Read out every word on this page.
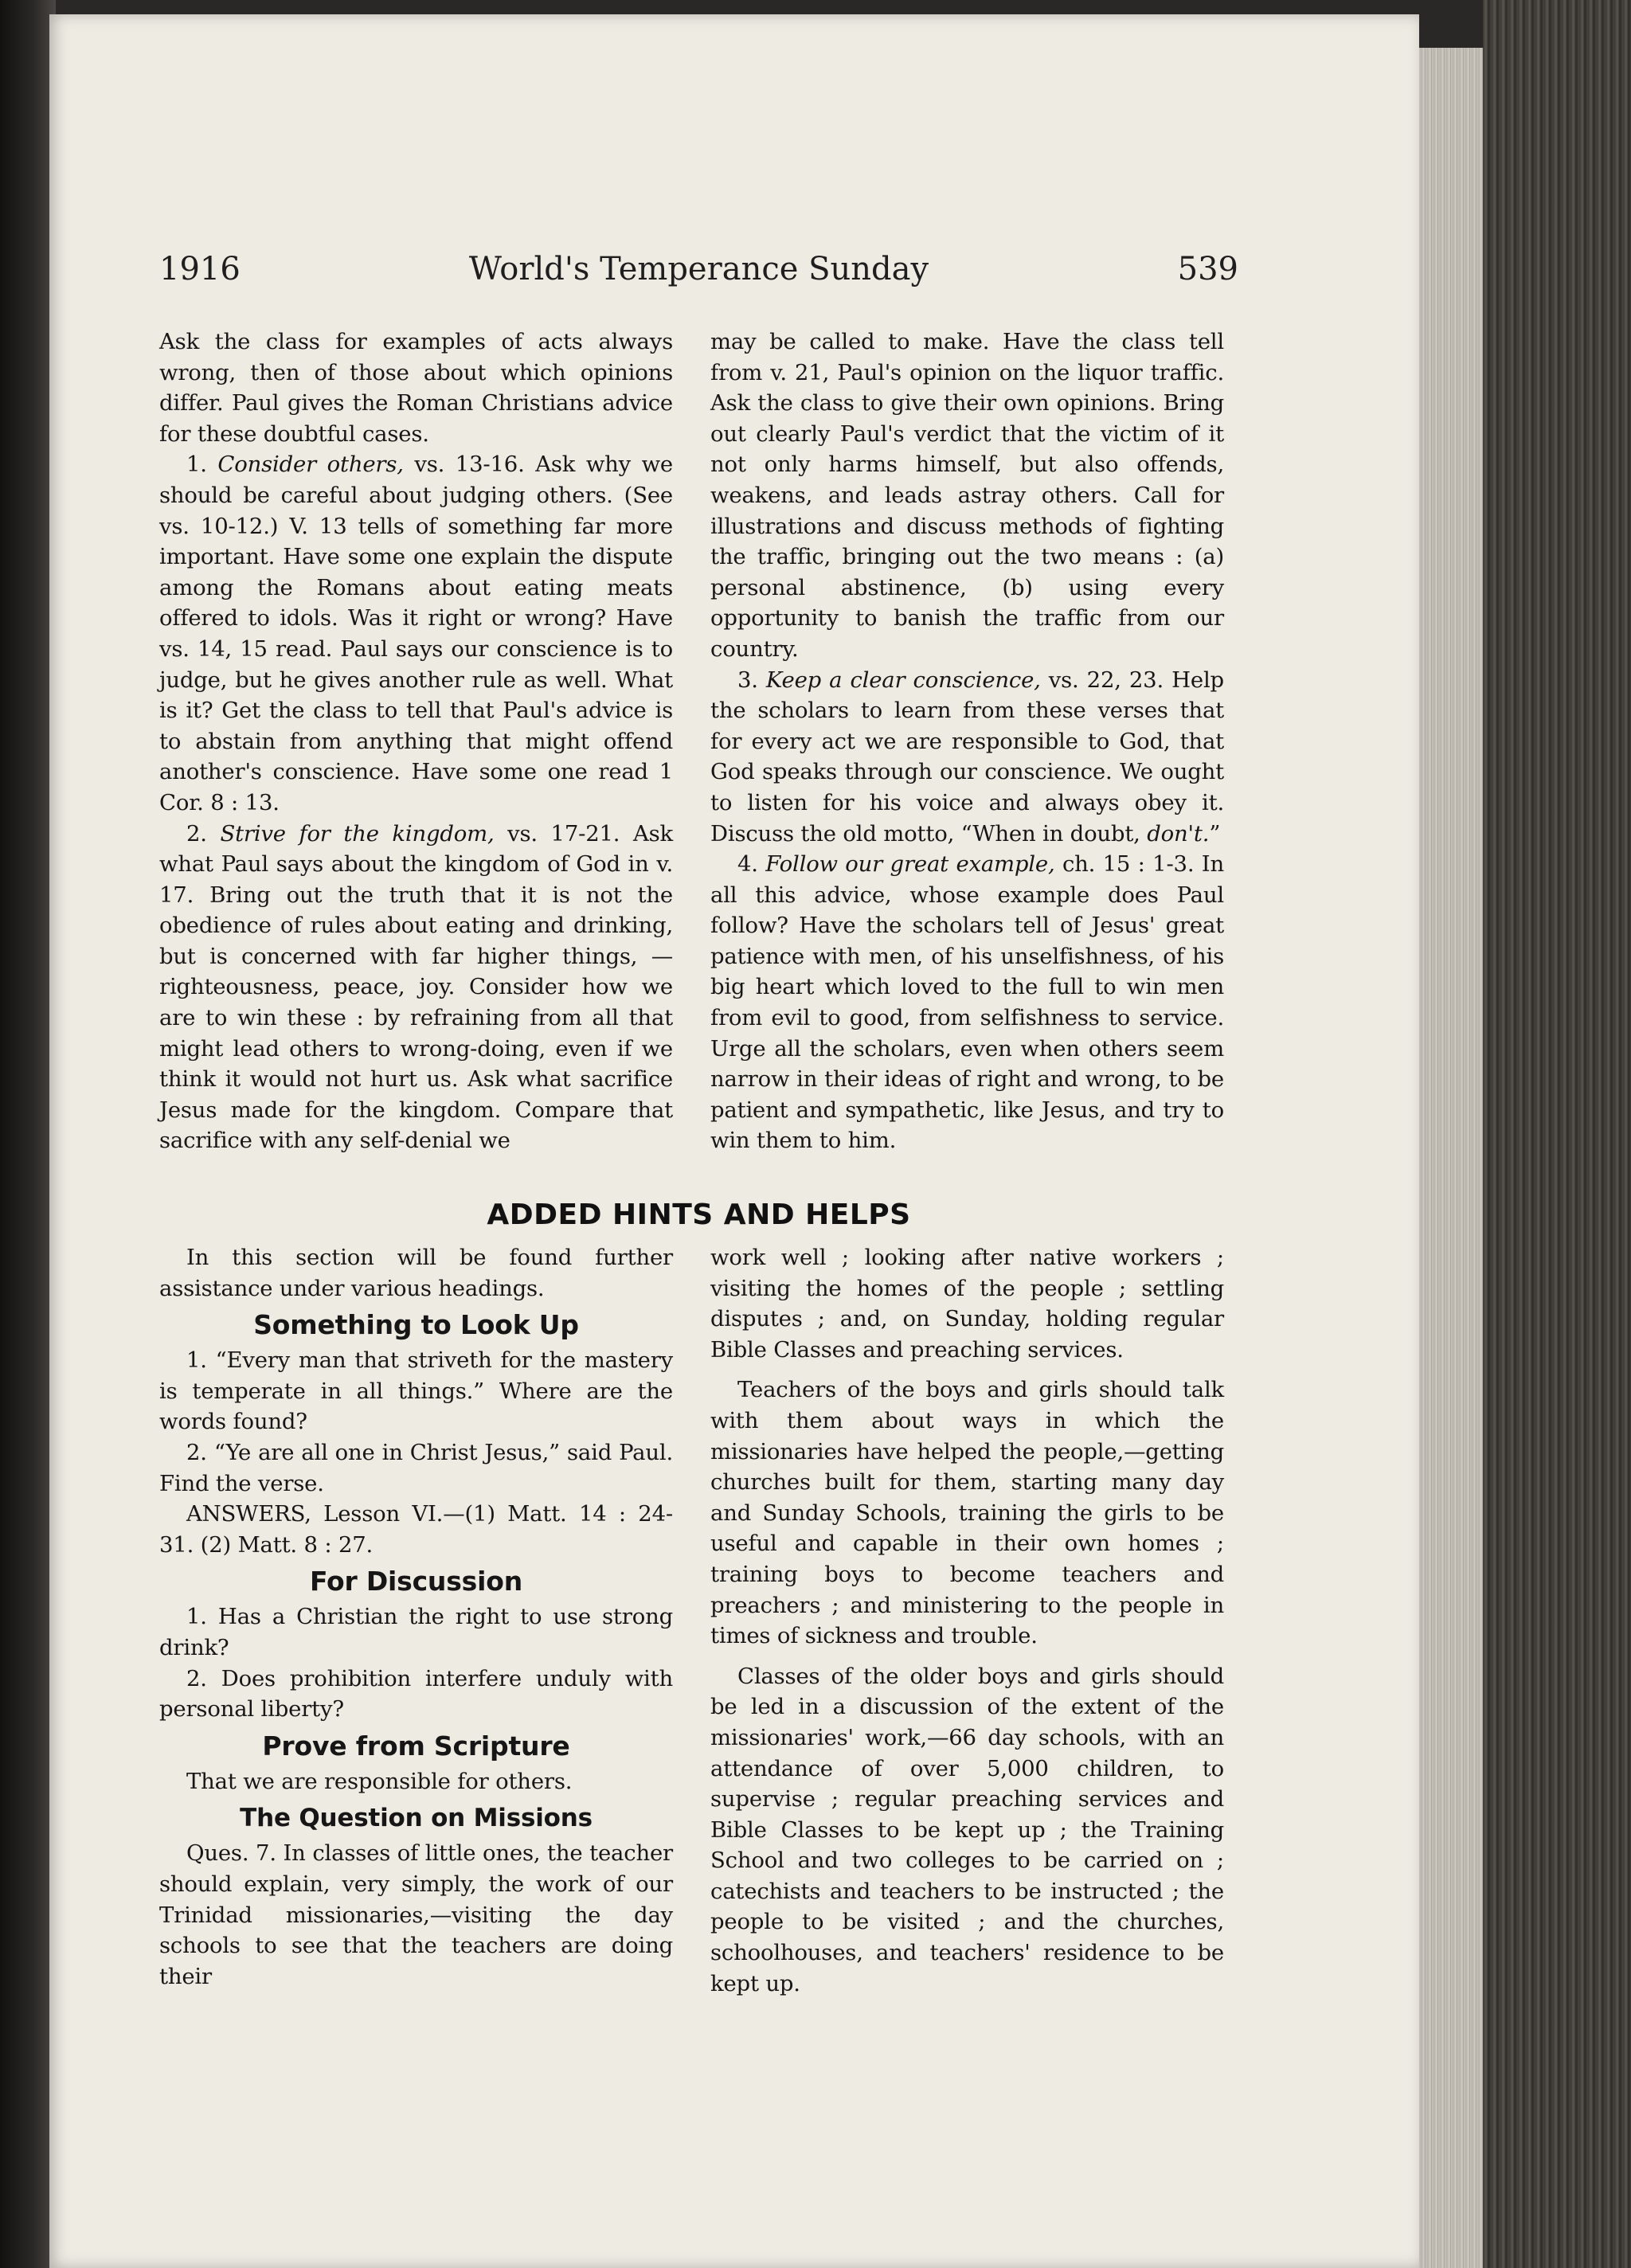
1916	World's Temperance Sunday	539

Ask the class for examples of acts always wrong, then of those about which opinions differ. Paul gives the Roman Christians advice for these doubtful cases.

1. Consider others, vs. 13-16. Ask why we should be careful about judging others. (See vs. 10-12.) V. 13 tells of something far more important. Have some one explain the dispute among the Romans about eating meats offered to idols. Was it right or wrong? Have vs. 14, 15 read. Paul says our conscience is to judge, but he gives another rule as well. What is it? Get the class to tell that Paul's advice is to abstain from anything that might offend another's conscience. Have some one read 1 Cor. 8 : 13.

2. Strive for the kingdom, vs. 17-21. Ask what Paul says about the kingdom of God in v. 17. Bring out the truth that it is not the obedience of rules about eating and drinking, but is concerned with far higher things, —righteousness, peace, joy. Consider how we are to win these : by refraining from all that might lead others to wrong-doing, even if we think it would not hurt us. Ask what sacrifice Jesus made for the kingdom. Compare that sacrifice with any self-denial we

may be called to make. Have the class tell from v. 21, Paul's opinion on the liquor traffic. Ask the class to give their own opinions. Bring out clearly Paul's verdict that the victim of it not only harms himself, but also offends, weakens, and leads astray others. Call for illustrations and discuss methods of fighting the traffic, bringing out the two means : (a) personal abstinence, (b) using every opportunity to banish the traffic from our country.

3. Keep a clear conscience, vs. 22, 23. Help the scholars to learn from these verses that for every act we are responsible to God, that God speaks through our conscience. We ought to listen for his voice and always obey it. Discuss the old motto, “When in doubt, don't.”

4. Follow our great example, ch. 15 : 1-3. In all this advice, whose example does Paul follow? Have the scholars tell of Jesus' great patience with men, of his unselfishness, of his big heart which loved to the full to win men from evil to good, from selfishness to service. Urge all the scholars, even when others seem narrow in their ideas of right and wrong, to be patient and sympathetic, like Jesus, and try to win them to him.

ADDED HINTS AND HELPS

In this section will be found further assistance under various headings.

Something to Look Up

1. “Every man that striveth for the mastery is temperate in all things.” Where are the words found?

2. “Ye are all one in Christ Jesus,” said Paul. Find the verse.

ANSWERS, Lesson VI.—(1) Matt. 14 : 24-31. (2) Matt. 8 : 27.

For Discussion

1. Has a Christian the right to use strong drink?

2. Does prohibition interfere unduly with personal liberty?

Prove from Scripture

That we are responsible for others.

The Question on Missions

Ques. 7. In classes of little ones, the teacher should explain, very simply, the work of our Trinidad missionaries,—visiting the day schools to see that the teachers are doing their

work well ; looking after native workers ; visiting the homes of the people ; settling disputes ; and, on Sunday, holding regular Bible Classes and preaching services.

Teachers of the boys and girls should talk with them about ways in which the missionaries have helped the people,—getting churches built for them, starting many day and Sunday Schools, training the girls to be useful and capable in their own homes ; training boys to become teachers and preachers ; and ministering to the people in times of sickness and trouble.

Classes of the older boys and girls should be led in a discussion of the extent of the missionaries' work,—66 day schools, with an attendance of over 5,000 children, to supervise ; regular preaching services and Bible Classes to be kept up ; the Training School and two colleges to be carried on ; catechists and teachers to be instructed ; the people to be visited ; and the churches, schoolhouses, and teachers' residence to be kept up.
